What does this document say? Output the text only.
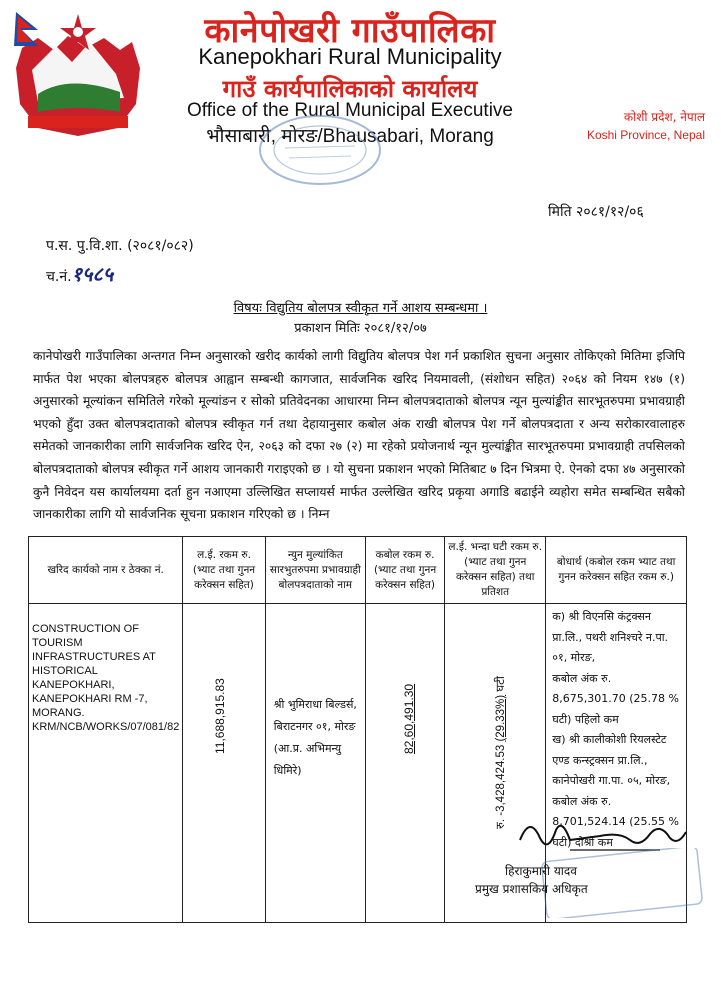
कानेपोखरी गाउँपालिका
Kanepokhari Rural Municipality
गाउँ कार्यपालिकाको कार्यालय
Office of the Rural Municipal Executive
भौसाबारी, मोरङ/Bhausabari, Morang
कोशी प्रदेश, नेपाल
Koshi Province, Nepal
मिति २०८१/१२/०६
प.स. पु.वि.शा. (२०८१/०८२)
च.नं.१५८५
विषयः विद्युतिय बोलपत्र स्वीकृत गर्ने आशय सम्बन्धमा ।
प्रकाशन मितिः २०८१/१२/०७
कानेपोखरी गाउँपालिका अन्तगत निम्न अनुसारको खरीद कार्यको लागी विद्युतिय बोलपत्र पेश गर्न प्रकाशित सुचना अनुसार तोकिएको मितिमा इजिपि मार्फत पेश भएका बोलपत्रहरु बोलपत्र आह्वान सम्बन्धी कागजात, सार्वजनिक खरिद नियमावली, (संशोधन सहित) २०६४ को नियम १४७ (१) अनुसारको मूल्यांकन समितिले गरेको मूल्यांङन र सोको प्रतिवेदनका आधारमा निम्न बोलपत्रदाताको बोलपत्र न्यून मुल्यांङ्कीत सारभूतरुपमा प्रभावग्राही भएको हुँदा उक्त बोलपत्रदाताको बोलपत्र स्वीकृत गर्न तथा देहायानुसार कबोल अंक राखी बोलपत्र पेश गर्ने बोलपत्रदाता र अन्य सरोकारवालाहरु समेतको जानकारीका लागि सार्वजनिक खरिद ऐन, २०६३ को दफा २७ (२) मा रहेको प्रयोजनार्थ न्यून मुल्यांङ्कीत सारभूतरुपमा प्रभावग्राही तपसिलको बोलपत्रदाताको बोलपत्र स्वीकृत गर्ने आशय जानकारी गराइएको छ । यो सुचना प्रकाशन भएको मितिबाट ७ दिन भित्रमा ऐ. ऐनको दफा ४७ अनुसारको कुनै निवेदन यस कार्यालयमा दर्ता हुन नआएमा उल्लिखित सप्लायर्स मार्फत उल्लेखित खरिद प्रकृया अगाडि बढाईने व्यहोरा समेत सम्बन्धित सबैको जानकारीका लागि यो सार्वजनिक सूचना प्रकाशन गरिएको छ । निम्न
खरिद कार्यको नाम र ठेक्का नं.	ल.ई. रकम रु. (भ्याट तथा गुनन करेक्सन सहित)	न्युन मुल्यांकित सारभुतरुपमा प्रभावग्राही बोलपत्रदाताको नाम	कबोल रकम रु. (भ्याट तथा गुनन करेक्सन सहित)	ल.ई. भन्दा घटी रकम रु. (भ्याट तथा गुनन करेक्सन सहित) तथा प्रतिशत	बोधार्थ (कबोल रकम भ्याट तथा गुनन करेक्सन सहित रकम रु.)
CONSTRUCTION OF TOURISM INFRASTRUCTURES AT HISTORICAL KANEPOKHARI, KANEPOKHARI RM -7, MORANG. KRM/NCB/WORKS/07/081/82	11,688,915.83	श्री भुमिराधा बिल्डर्स, बिराटनगर ०१, मोरङ (आ.प्र. अभिमन्यु धिमिरे)	82,60,491.30	रु. -3,428,424.53 (29.33%) घटी	क) श्री विएनसि कंट्रक्सन प्रा.लि., पथरी शनिश्चरे न.पा. ०१, मोरङ,
कबोल अंक रु. 8,675,301.70 (25.78 % घटी) पहिलो कम
ख) श्री कालीकोशी रियलस्टेट एण्ड कन्स्ट्रक्सन प्रा.लि., कानेपोखरी गा.पा. ०५, मोरङ,
कबोल अंक रु. 8,701,524.14 (25.55 % घटी) दोश्रो कम
हिराकुमारी यादव
प्रमुख प्रशासकिय अधिकृत
